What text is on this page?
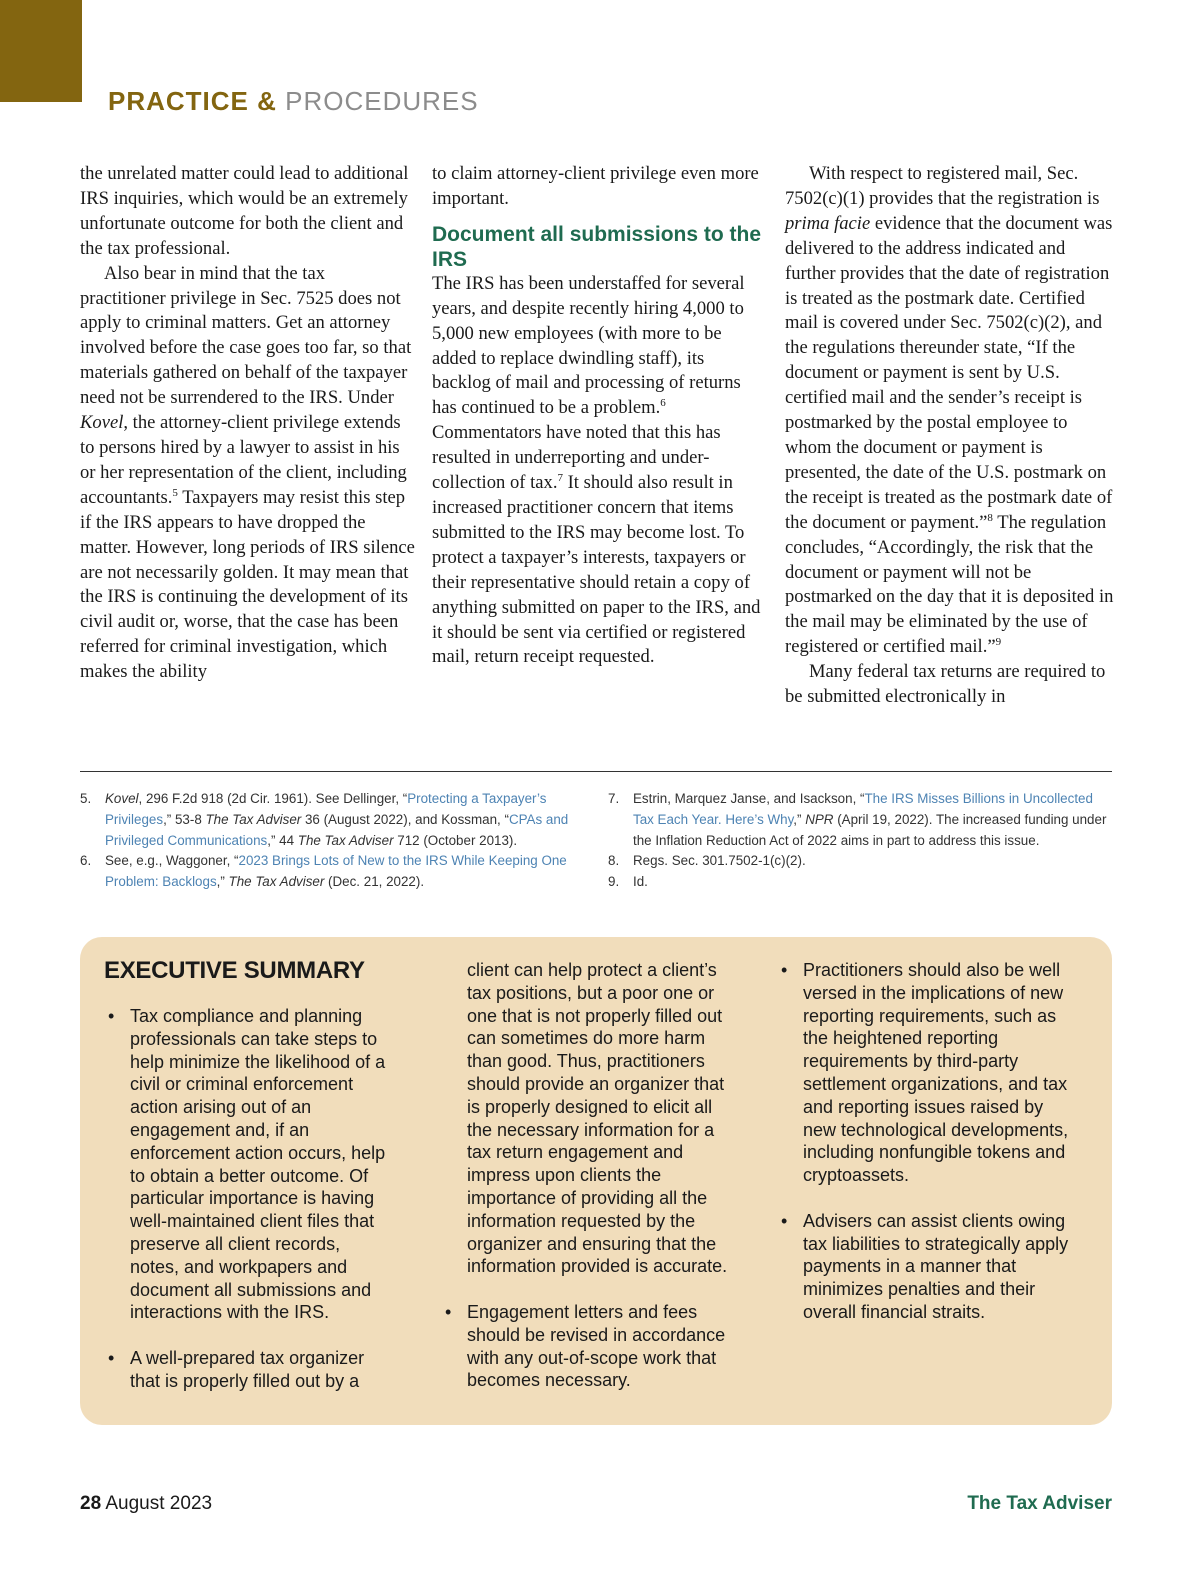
PRACTICE & PROCEDURES

the unrelated matter could lead to additional IRS inquiries, which would be an extremely unfortunate outcome for both the client and the tax professional.

Also bear in mind that the tax practitioner privilege in Sec. 7525 does not apply to criminal matters. Get an attorney involved before the case goes too far, so that materials gathered on behalf of the taxpayer need not be surrendered to the IRS. Under Kovel, the attorney-client privilege extends to persons hired by a lawyer to assist in his or her representation of the client, including accountants.$^5$ Taxpayers may resist this step if the IRS appears to have dropped the matter. However, long periods of IRS silence are not necessarily golden. It may mean that the IRS is continuing the development of its civil audit or, worse, that the case has been referred for criminal investigation, which makes the ability

to claim attorney-client privilege even more important.

Document all submissions to the IRS

The IRS has been understaffed for several years, and despite recently hiring 4,000 to 5,000 new employees (with more to be added to replace dwindling staff), its backlog of mail and processing of returns has continued to be a problem.$^6$ Commentators have noted that this has resulted in underreporting and under-collection of tax.$^7$ It should also result in increased practitioner concern that items submitted to the IRS may become lost. To protect a taxpayer’s interests, taxpayers or their representative should retain a copy of anything submitted on paper to the IRS, and it should be sent via certified or registered mail, return receipt requested.

With respect to registered mail, Sec. 7502(c)(1) provides that the registration is prima facie evidence that the document was delivered to the address indicated and further provides that the date of registration is treated as the postmark date. Certified mail is covered under Sec. 7502(c)(2), and the regulations thereunder state, “If the document or payment is sent by U.S. certified mail and the sender’s receipt is postmarked by the postal employee to whom the document or payment is presented, the date of the U.S. postmark on the receipt is treated as the postmark date of the document or payment.”$^8$ The regulation concludes, “Accordingly, the risk that the document or payment will not be postmarked on the day that it is deposited in the mail may be eliminated by the use of registered or certified mail.”$^9$

Many federal tax returns are required to be submitted electronically in

5. Kovel, 296 F.2d 918 (2d Cir. 1961). See Dellinger, “Protecting a Taxpayer’s Privileges,” 53-8 The Tax Adviser 36 (August 2022), and Kossman, “CPAs and Privileged Communications,” 44 The Tax Adviser 712 (October 2013).
6. See, e.g., Waggoner, “2023 Brings Lots of New to the IRS While Keeping One Problem: Backlogs,” The Tax Adviser (Dec. 21, 2022).
7. Estrin, Marquez Janse, and Isackson, “The IRS Misses Billions in Uncollected Tax Each Year. Here’s Why,” NPR (April 19, 2022). The increased funding under the Inflation Reduction Act of 2022 aims in part to address this issue.
8. Regs. Sec. 301.7502-1(c)(2).
9. Id.
EXECUTIVE SUMMARY
• Tax compliance and planning professionals can take steps to help minimize the likelihood of a civil or criminal enforcement action arising out of an engagement and, if an enforcement action occurs, help to obtain a better outcome. Of particular importance is having well-maintained client files that preserve all client records, notes, and workpapers and document all submissions and interactions with the IRS.
• A well-prepared tax organizer that is properly filled out by a
client can help protect a client’s tax positions, but a poor one or one that is not properly filled out can sometimes do more harm than good. Thus, practitioners should provide an organizer that is properly designed to elicit all the necessary information for a tax return engagement and impress upon clients the importance of providing all the information requested by the organizer and ensuring that the information provided is accurate.
• Engagement letters and fees should be revised in accordance with any out-of-scope work that becomes necessary.
• Practitioners should also be well versed in the implications of new reporting requirements, such as the heightened reporting requirements by third-party settlement organizations, and tax and reporting issues raised by new technological developments, including nonfungible tokens and cryptoassets.
• Advisers can assist clients owing tax liabilities to strategically apply payments in a manner that minimizes penalties and their overall financial straits.
28 August 2023	The Tax Adviser
